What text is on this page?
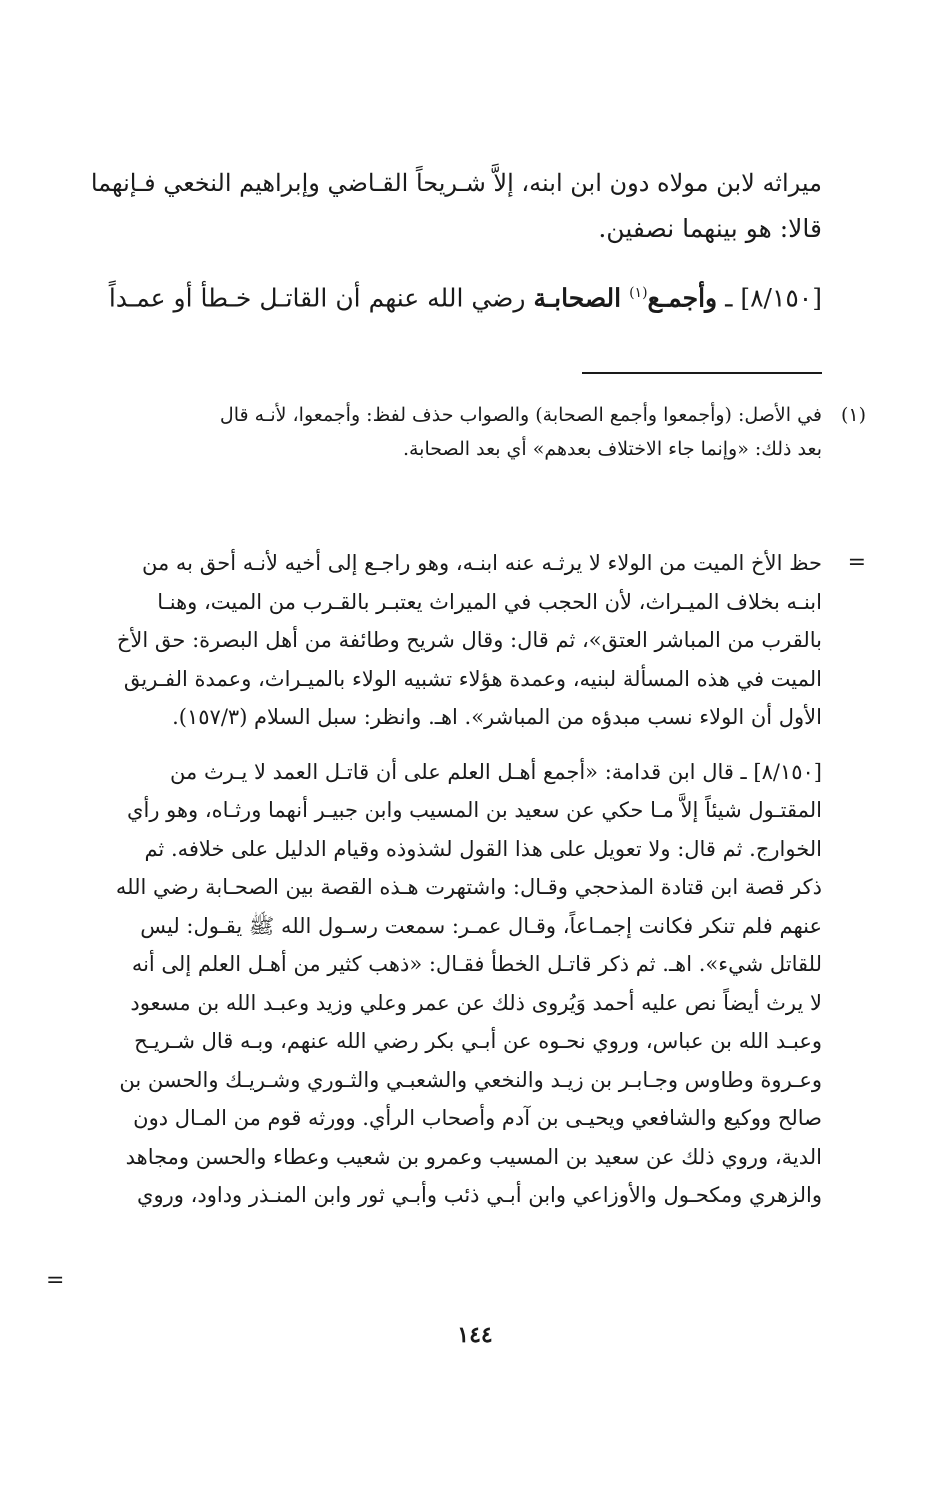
ميراثه لابن مولاه دون ابن ابنه، إلاَّ شـريحاً القـاضي وإبراهيم النخعي فـإنهما
قالا: هو بينهما نصفين.
[٨/١٥٠] ـ وأجمـع$^{(١)}$ الصحابـة رضي الله عنهم أن القاتـل خـطأ أو عمـداً
(١)
في الأصل: (وأجمعوا وأجمع الصحابة) والصواب حذف لفظ: وأجمعوا، لأنـه قال
بعد ذلك: «وإنما جاء الاختلاف بعدهم» أي بعد الصحابة.
=
حظ الأخ الميت من الولاء لا يرثـه عنه ابنـه، وهو راجـع إلى أخيه لأنـه أحق به من
ابنـه بخلاف الميـراث، لأن الحجب في الميراث يعتبـر بالقـرب من الميت، وهنـا
بالقرب من المباشر العتق»، ثم قال: وقال شريح وطائفة من أهل البصرة: حق الأخ
الميت في هذه المسألة لبنيه، وعمدة هؤلاء تشبيه الولاء بالميـراث، وعمدة الفـريق
الأول أن الولاء نسب مبدؤه من المباشر». اهـ. وانظر: سبل السلام (١٥٧/٣).
[٨/١٥٠] ـ قال ابن قدامة: «أجمع أهـل العلم على أن قاتـل العمد لا يـرث من
المقتـول شيئاً إلاَّ مـا حكي عن سعيد بن المسيب وابن جبيـر أنهما ورثـاه، وهو رأي
الخوارج. ثم قال: ولا تعويل على هذا القول لشذوذه وقيام الدليل على خلافه. ثم
ذكر قصة ابن قتادة المذحجي وقـال: واشتهرت هـذه القصة بين الصحـابة رضي الله
عنهم فلم تنكر فكانت إجمـاعاً، وقـال عمـر: سمعت رسـول الله ﷺ يقـول: ليس
للقاتل شيء». اهـ. ثم ذكر قاتـل الخطأ فقـال: «ذهب كثير من أهـل العلم إلى أنه
لا يرث أيضاً نص عليه أحمد وَيُروى ذلك عن عمر وعلي وزيد وعبـد الله بن مسعود
وعبـد الله بن عباس، وروي نحـوه عن أبـي بكر رضي الله عنهم، وبـه قال شـريـح
وعـروة وطاوس وجـابـر بن زيـد والنخعي والشعبـي والثـوري وشـريـك والحسن بن
صالح ووكيع والشافعي ويحيـى بن آدم وأصحاب الرأي. وورثه قوم من المـال دون
الدية، وروي ذلك عن سعيد بن المسيب وعمرو بن شعيب وعطاء والحسن ومجاهد
والزهري ومكحـول والأوزاعي وابن أبـي ذئب وأبـي ثور وابن المنـذر وداود، وروي
=
١٤٤
